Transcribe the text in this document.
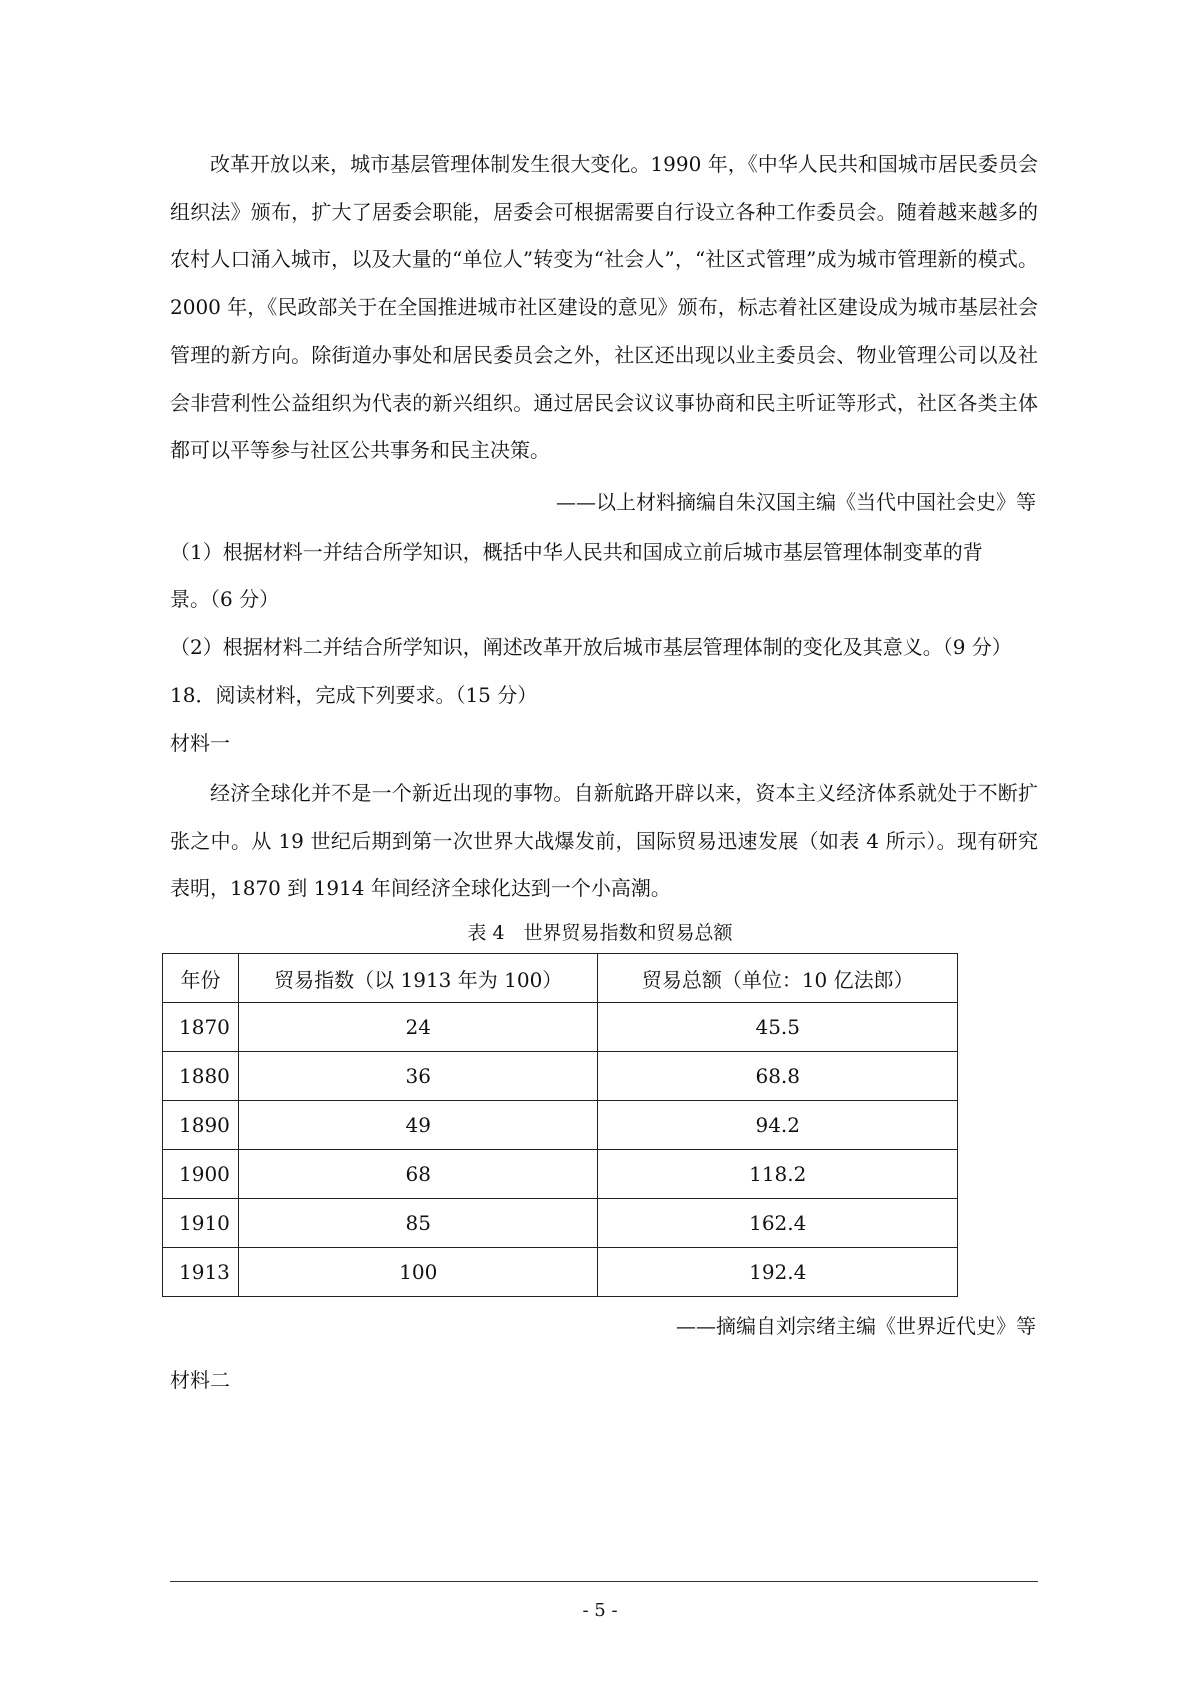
改革开放以来，城市基层管理体制发生很大变化。1990 年，《中华人民共和国城市居民委员会组织法》颁布，扩大了居委会职能，居委会可根据需要自行设立各种工作委员会。随着越来越多的农村人口涌入城市，以及大量的“单位人”转变为“社会人”，“社区式管理”成为城市管理新的模式。2000 年，《民政部关于在全国推进城市社区建设的意见》颁布，标志着社区建设成为城市基层社会管理的新方向。除街道办事处和居民委员会之外，社区还出现以业主委员会、物业管理公司以及社会非营利性公益组织为代表的新兴组织。通过居民会议议事协商和民主听证等形式，社区各类主体都可以平等参与社区公共事务和民主决策。

——以上材料摘编自朱汉国主编《当代中国社会史》等
（1）根据材料一并结合所学知识，概括中华人民共和国成立前后城市基层管理体制变革的背
景。（6 分）
（2）根据材料二并结合所学知识，阐述改革开放后城市基层管理体制的变化及其意义。（9 分）
18．阅读材料，完成下列要求。（15 分）
材料一

经济全球化并不是一个新近出现的事物。自新航路开辟以来，资本主义经济体系就处于不断扩张之中。从 19 世纪后期到第一次世界大战爆发前，国际贸易迅速发展（如表 4 所示）。现有研究表明，1870 到 1914 年间经济全球化达到一个小高潮。

表 4　世界贸易指数和贸易总额
年份	贸易指数（以 1913 年为 100）	贸易总额（单位：10 亿法郎）
1870	24	45.5
1880	36	68.8
1890	49	94.2
1900	68	118.2
1910	85	162.4
1913	100	192.4
——摘编自刘宗绪主编《世界近代史》等
材料二
- 5 -
